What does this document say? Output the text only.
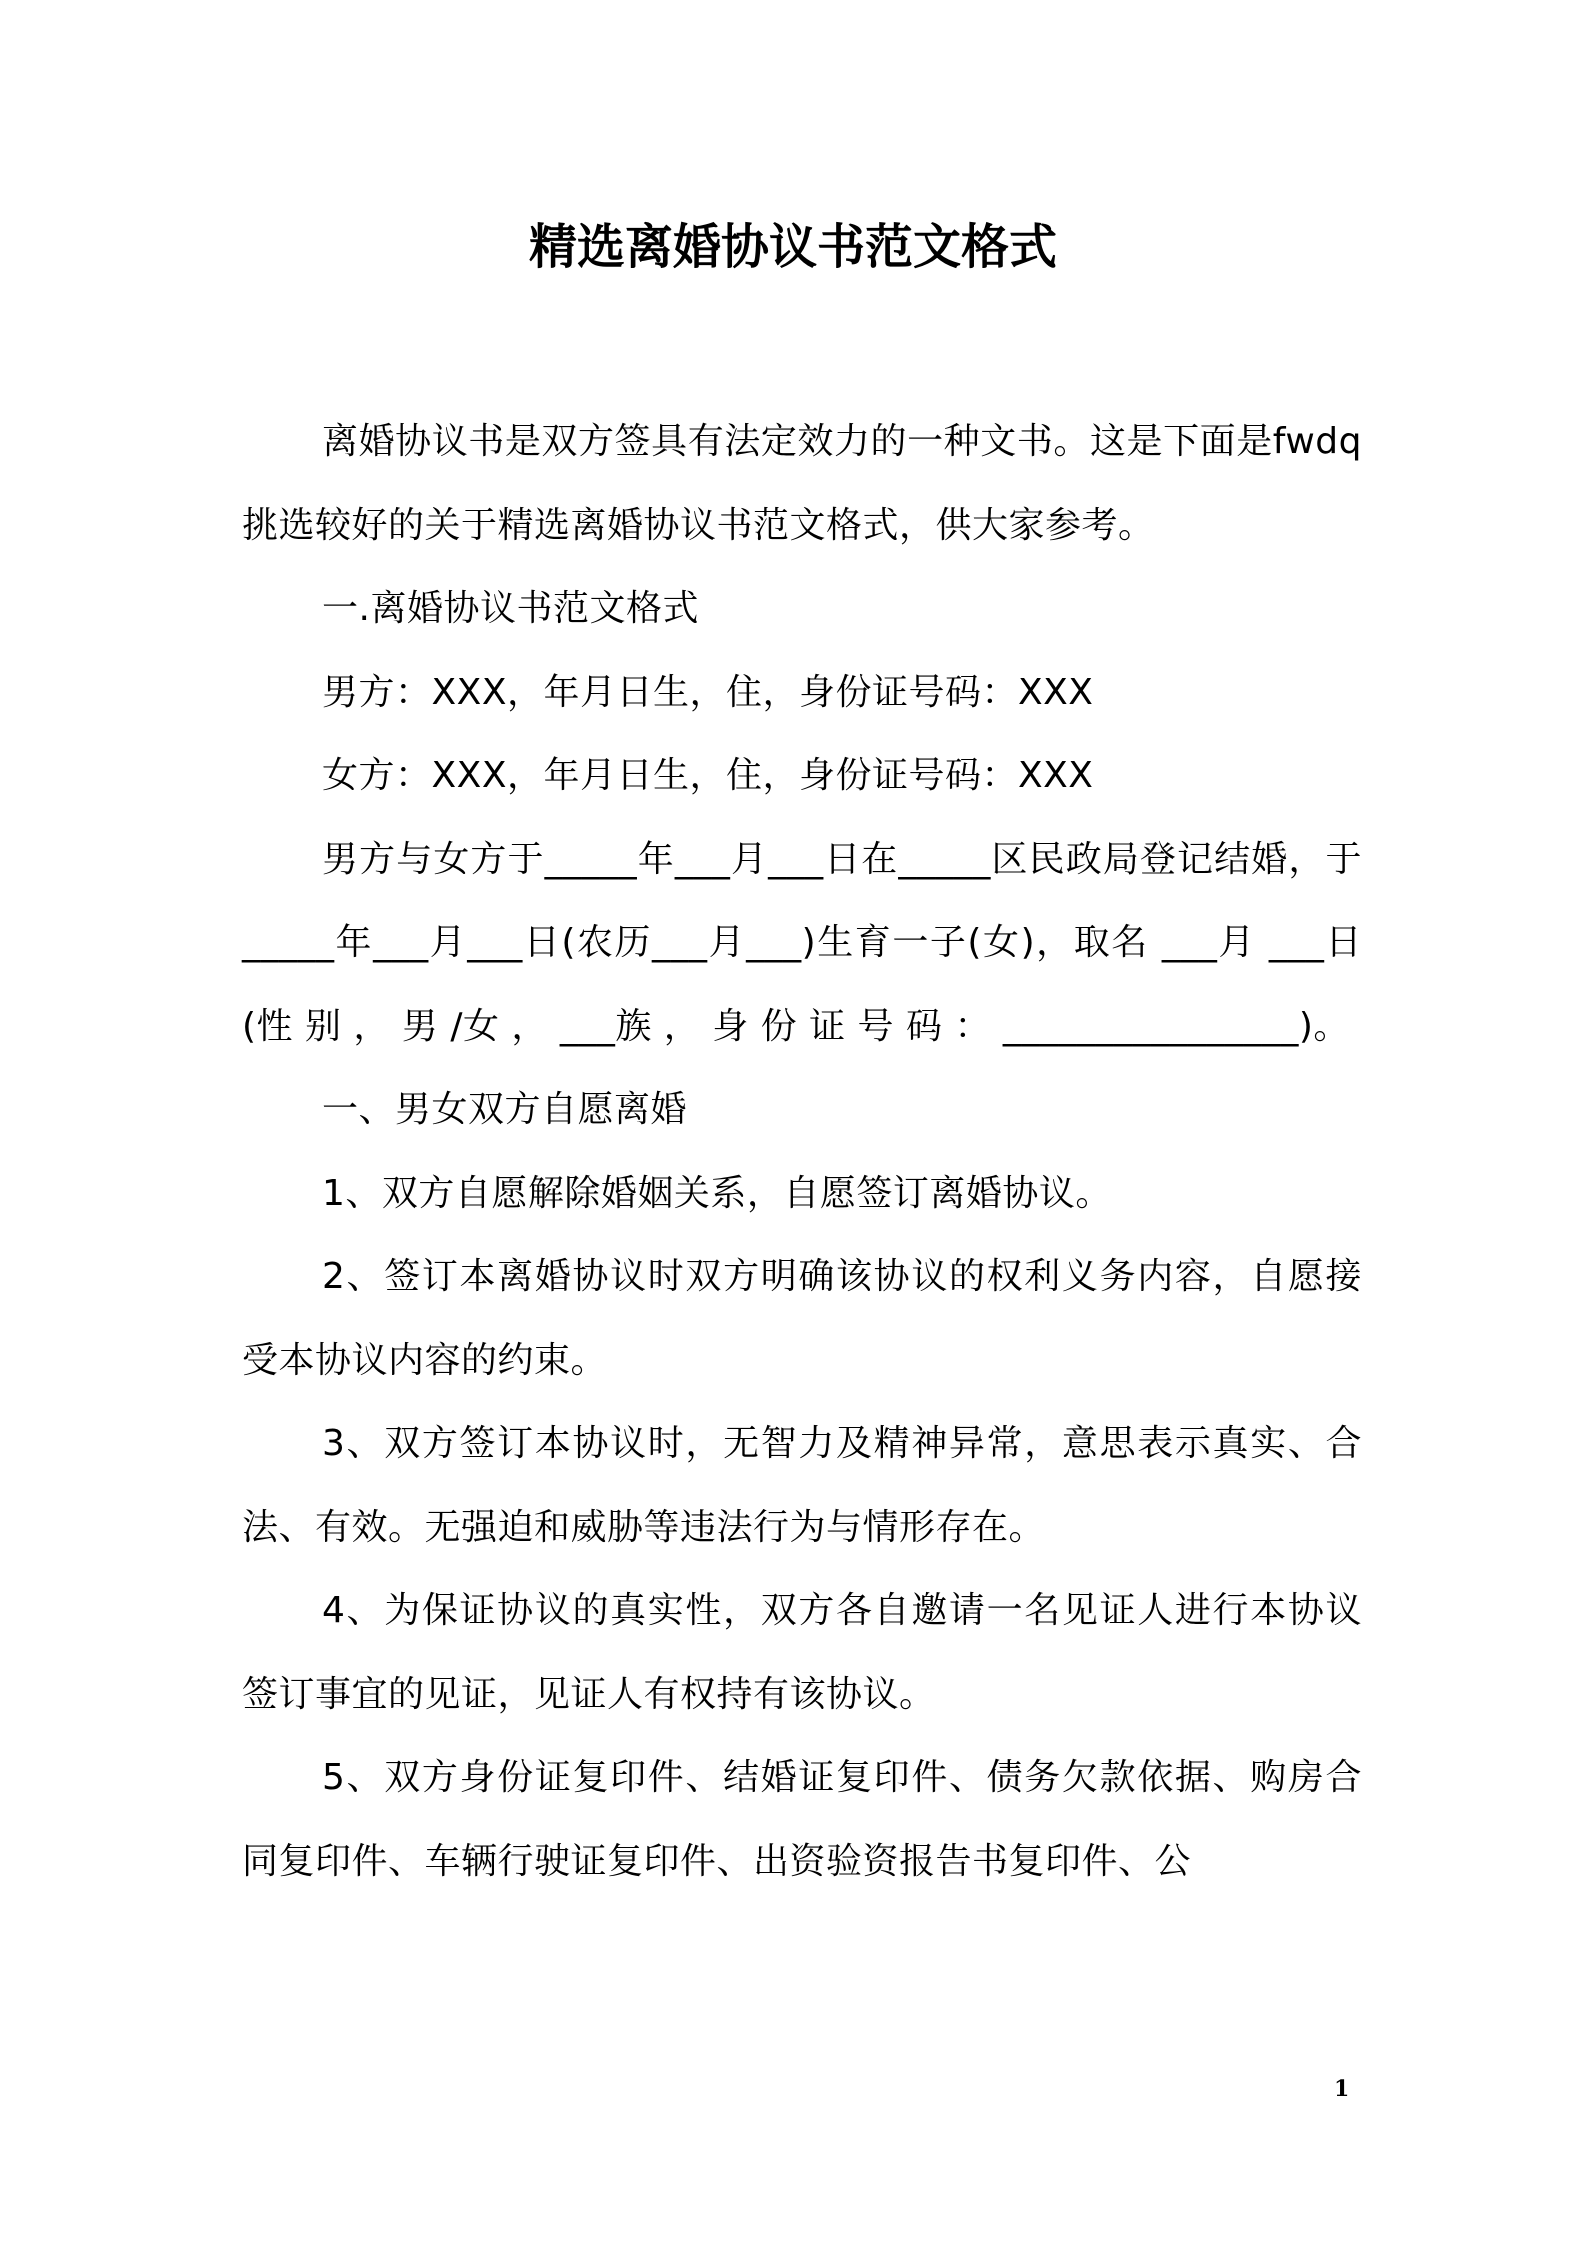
精选离婚协议书范文格式

离婚协议书是双方签具有法定效力的一种文书。这是下面是fwdq 挑选较好的关于精选离婚协议书范文格式，供大家参考。

一.离婚协议书范文格式

男方：XXX，年月日生，住，身份证号码：XXX

女方：XXX，年月日生，住，身份证号码：XXX

男方与女方于_____年___月___日在_____区民政局登记结婚，于_____年___月___日(农历___月___)生育一子(女)，取名 ___月 ___日 (性 别 ， 男 /女 ， ___族 ， 身 份 证 号 码 ： ________________)。

一、男女双方自愿离婚

1、双方自愿解除婚姻关系，自愿签订离婚协议。

2、签订本离婚协议时双方明确该协议的权利义务内容，自愿接受本协议内容的约束。

3、双方签订本协议时，无智力及精神异常，意思表示真实、合法、有效。无强迫和威胁等违法行为与情形存在。

4、为保证协议的真实性，双方各自邀请一名见证人进行本协议签订事宜的见证，见证人有权持有该协议。

5、双方身份证复印件、结婚证复印件、债务欠款依据、购房合同复印件、车辆行驶证复印件、出资验资报告书复印件、公

1
